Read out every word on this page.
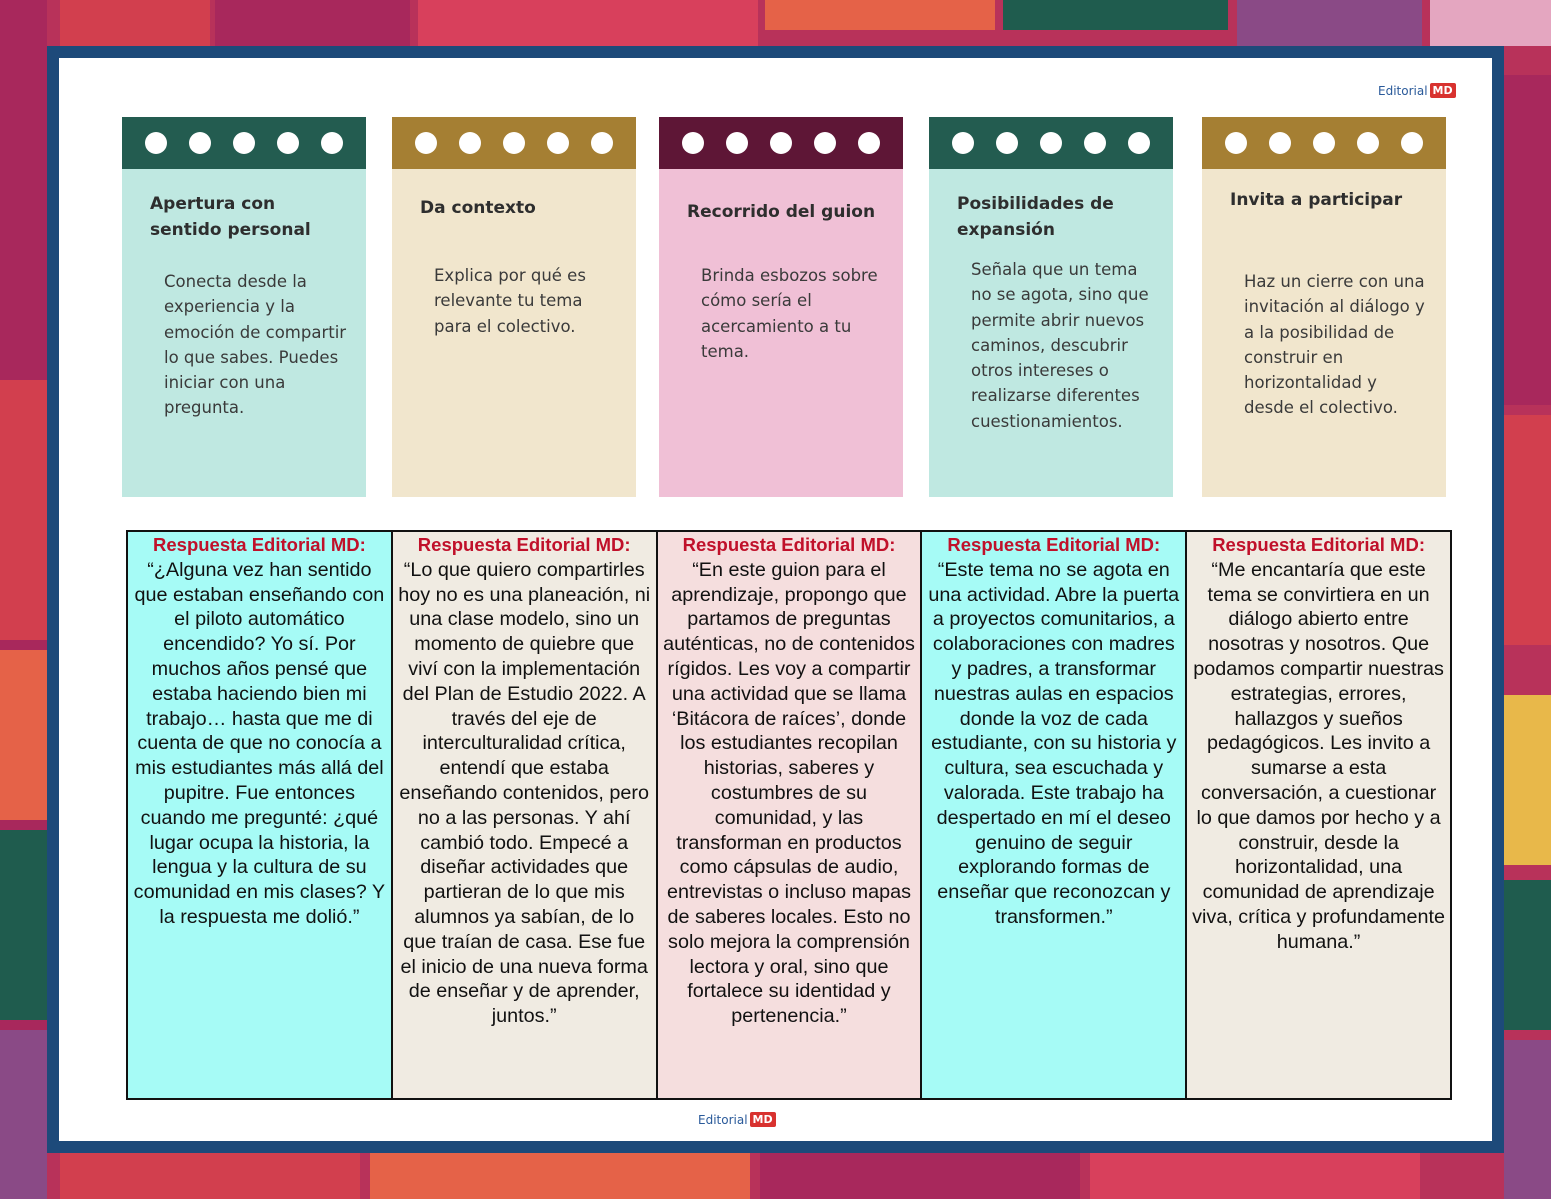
Editorial MD
Apertura con sentido personal

Conecta desde la experiencia y la emoción de compartir lo que sabes. Puedes iniciar con una pregunta.

Da contexto

Explica por qué es relevante tu tema para el colectivo.

Recorrido del guion

Brinda esbozos sobre cómo sería el acercamiento a tu tema.

Posibilidades de expansión

Señala que un tema no se agota, sino que permite abrir nuevos caminos, descubrir otros intereses o realizarse diferentes cuestionamientos.

Invita a participar

Haz un cierre con una invitación al diálogo y a la posibilidad de construir en horizontalidad y desde el colectivo.

Respuesta Editorial MD:
“¿Alguna vez han sentido que estaban enseñando con el piloto automático encendido? Yo sí. Por muchos años pensé que estaba haciendo bien mi trabajo… hasta que me di cuenta de que no conocía a mis estudiantes más allá del pupitre. Fue entonces cuando me pregunté: ¿qué lugar ocupa la historia, la lengua y la cultura de su comunidad en mis clases? Y la respuesta me dolió.”	
Respuesta Editorial MD:
“Lo que quiero compartirles hoy no es una planeación, ni una clase modelo, sino un momento de quiebre que viví con la implementación del Plan de Estudio 2022. A través del eje de interculturalidad crítica, entendí que estaba enseñando contenidos, pero no a las personas. Y ahí cambió todo. Empecé a diseñar actividades que partieran de lo que mis alumnos ya sabían, de lo que traían de casa. Ese fue el inicio de una nueva forma de enseñar y de aprender, juntos.”	
Respuesta Editorial MD:
“En este guion para el aprendizaje, propongo que partamos de preguntas auténticas, no de contenidos rígidos. Les voy a compartir una actividad que se llama ‘Bitácora de raíces’, donde los estudiantes recopilan historias, saberes y costumbres de su comunidad, y las transforman en productos como cápsulas de audio, entrevistas o incluso mapas de saberes locales. Esto no solo mejora la comprensión lectora y oral, sino que fortalece su identidad y pertenencia.”	
Respuesta Editorial MD:
“Este tema no se agota en una actividad. Abre la puerta a proyectos comunitarios, a colaboraciones con madres y padres, a transformar nuestras aulas en espacios donde la voz de cada estudiante, con su historia y cultura, sea escuchada y valorada. Este trabajo ha despertado en mí el deseo genuino de seguir explorando formas de enseñar que reconozcan y transformen.”	
Respuesta Editorial MD:
“Me encantaría que este tema se convirtiera en un diálogo abierto entre nosotras y nosotros. Que podamos compartir nuestras estrategias, errores, hallazgos y sueños pedagógicos. Les invito a sumarse a esta conversación, a cuestionar lo que damos por hecho y a construir, desde la horizontalidad, una comunidad de aprendizaje viva, crítica y profundamente humana.”
Editorial MD
